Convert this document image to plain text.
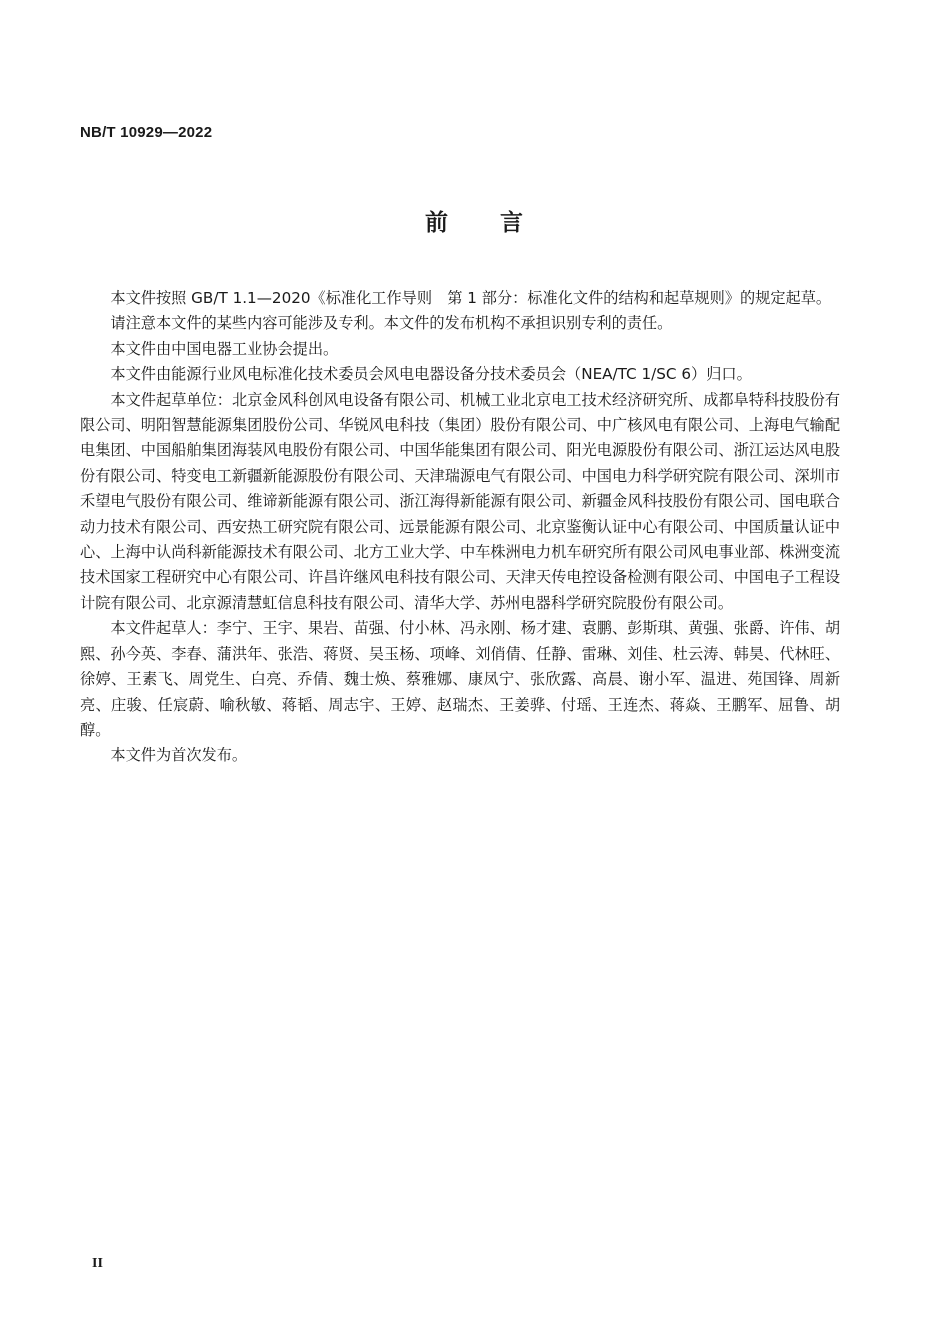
NB/T 10929—2022
前 言

本文件按照 GB/T 1.1—2020《标准化工作导则　第 1 部分：标准化文件的结构和起草规则》的规定起草。

请注意本文件的某些内容可能涉及专利。本文件的发布机构不承担识别专利的责任。

本文件由中国电器工业协会提出。

本文件由能源行业风电标准化技术委员会风电电器设备分技术委员会（NEA/TC 1/SC 6）归口。

本文件起草单位：北京金风科创风电设备有限公司、机械工业北京电工技术经济研究所、成都阜特科技股份有限公司、明阳智慧能源集团股份公司、华锐风电科技（集团）股份有限公司、中广核风电有限公司、上海电气输配电集团、中国船舶集团海装风电股份有限公司、中国华能集团有限公司、阳光电源股份有限公司、浙江运达风电股份有限公司、特变电工新疆新能源股份有限公司、天津瑞源电气有限公司、中国电力科学研究院有限公司、深圳市禾望电气股份有限公司、维谛新能源有限公司、浙江海得新能源有限公司、新疆金风科技股份有限公司、国电联合动力技术有限公司、西安热工研究院有限公司、远景能源有限公司、北京鉴衡认证中心有限公司、中国质量认证中心、上海中认尚科新能源技术有限公司、北方工业大学、中车株洲电力机车研究所有限公司风电事业部、株洲变流技术国家工程研究中心有限公司、许昌许继风电科技有限公司、天津天传电控设备检测有限公司、中国电子工程设计院有限公司、北京源清慧虹信息科技有限公司、清华大学、苏州电器科学研究院股份有限公司。

本文件起草人：李宁、王宇、果岩、苗强、付小林、冯永刚、杨才建、袁鹏、彭斯琪、黄强、张爵、许伟、胡熙、孙今英、李春、蒲洪年、张浩、蒋贤、吴玉杨、项峰、刘俏倩、任静、雷琳、刘佳、杜云涛、韩昊、代林旺、徐婷、王素飞、周党生、白亮、乔倩、魏士焕、蔡雅娜、康凤宁、张欣露、高晨、谢小军、温进、苑国锋、周新亮、庄骏、任宸蔚、喻秋敏、蒋韬、周志宇、王婷、赵瑞杰、王姜骅、付瑶、王连杰、蒋焱、王鹏军、屈鲁、胡醇。

本文件为首次发布。

II
